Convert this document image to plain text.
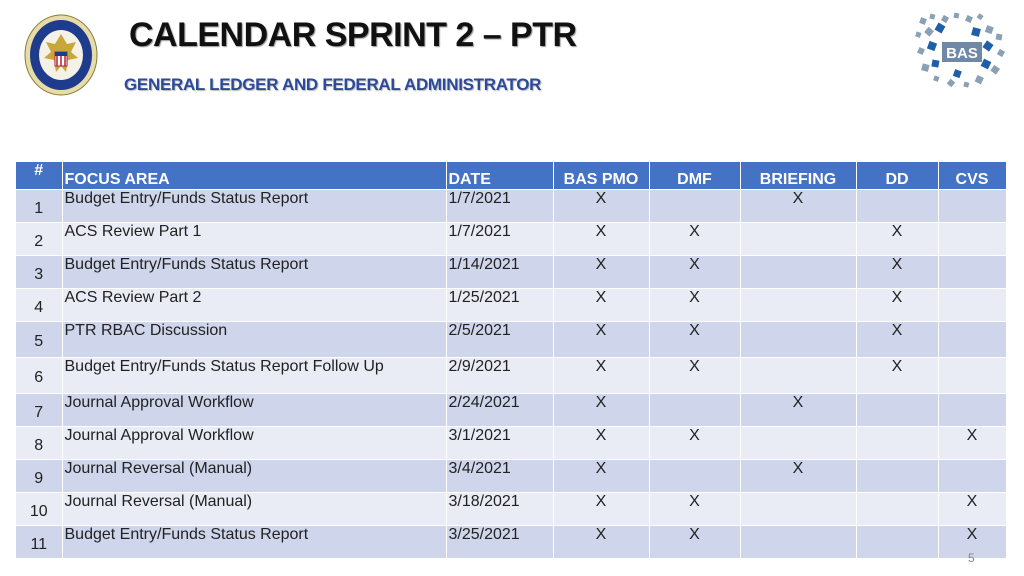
CALENDAR SPRINT 2 – PTR
GENERAL LEDGER AND FEDERAL ADMINISTRATOR
BAS
#	FOCUS AREA	DATE	BAS PMO	DMF	BRIEFING	DD	CVS
1	Budget Entry/Funds Status Report	1/7/2021	X		X		
2	ACS Review Part 1	1/7/2021	X	X		X	
3	Budget Entry/Funds Status Report	1/14/2021	X	X		X	
4	ACS Review Part 2	1/25/2021	X	X		X	
5	PTR RBAC Discussion	2/5/2021	X	X		X	
6	Budget Entry/Funds Status Report Follow Up	2/9/2021	X	X		X	
7	Journal Approval Workflow	2/24/2021	X		X		
8	Journal Approval Workflow	3/1/2021	X	X			X
9	Journal Reversal (Manual)	3/4/2021	X		X		
10	Journal Reversal (Manual)	3/18/2021	X	X			X
11	Budget Entry/Funds Status Report	3/25/2021	X	X			X
5
